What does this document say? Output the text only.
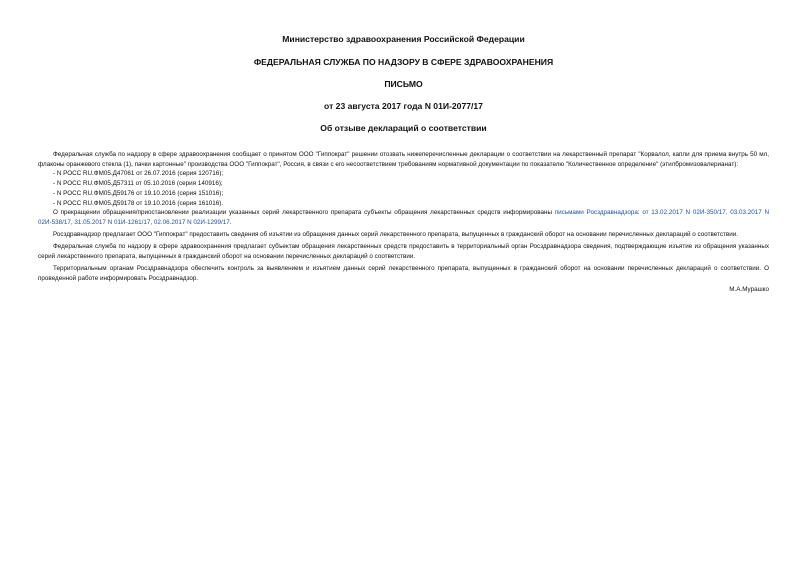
Министерство здравоохранения Российской Федерации

ФЕДЕРАЛЬНАЯ СЛУЖБА ПО НАДЗОРУ В СФЕРЕ ЗДРАВООХРАНЕНИЯ

ПИСЬМО

от 23 августа 2017 года N 01И-2077/17

Об отзыве деклараций о соответствии

Федеральная служба по надзору в сфере здравоохранения сообщает о принятом ООО "Гиппократ" решении отозвать нижеперечисленные декларации о соответствии на лекарственный препарат "Корвалол, капли для приема внутрь 50 мл, флаконы оранжевого стекла (1), пачки картонные" производства ООО "Гиппократ", Россия, в связи с его несоответствием требованиям нормативной документации по показателю "Количественное определение" (этилбромизовалерианат):

- N РОСС RU.ФМ05.Д47061 от 26.07.2016 (серия 120716);

- N РОСС RU.ФМ05.Д57311 от 05.10.2016 (серия 140916);

- N РОСС RU.ФМ05.Д59176 от 19.10.2016 (серия 151016);

- N РОСС RU.ФМ05.Д59178 от 19.10.2016 (серия 161016).

О прекращении обращения/приостановлении реализации указанных серий лекарственного препарата субъекты обращения лекарственных средств информированы письмами Росздравнадзора: от 13.02.2017 N 02И-350/17, 03.03.2017 N 02И-538/17, 31.05.2017 N 01И-1261/17, 02.06.2017 N 02И-1299/17.

Росздравнадзор предлагает ООО "Гиппократ" предоставить сведения об изъятии из обращения данных серий лекарственного препарата, выпущенных в гражданский оборот на основании перечисленных деклараций о соответствии.

Федеральная служба по надзору в сфере здравоохранения предлагает субъектам обращения лекарственных средств предоставить в территориальный орган Росздравнадзора сведения, подтверждающие изъятие из обращения указанных серий лекарственного препарата, выпущенных в гражданский оборот на основании перечисленных деклараций о соответствии.

Территориальным органам Росздравнадзора обеспечить контроль за выявлением и изъятием данных серий лекарственного препарата, выпущенных в гражданский оборот на основании перечисленных деклараций о соответствии. О проведенной работе информировать Росздравнадзор.

М.А.Мурашко
